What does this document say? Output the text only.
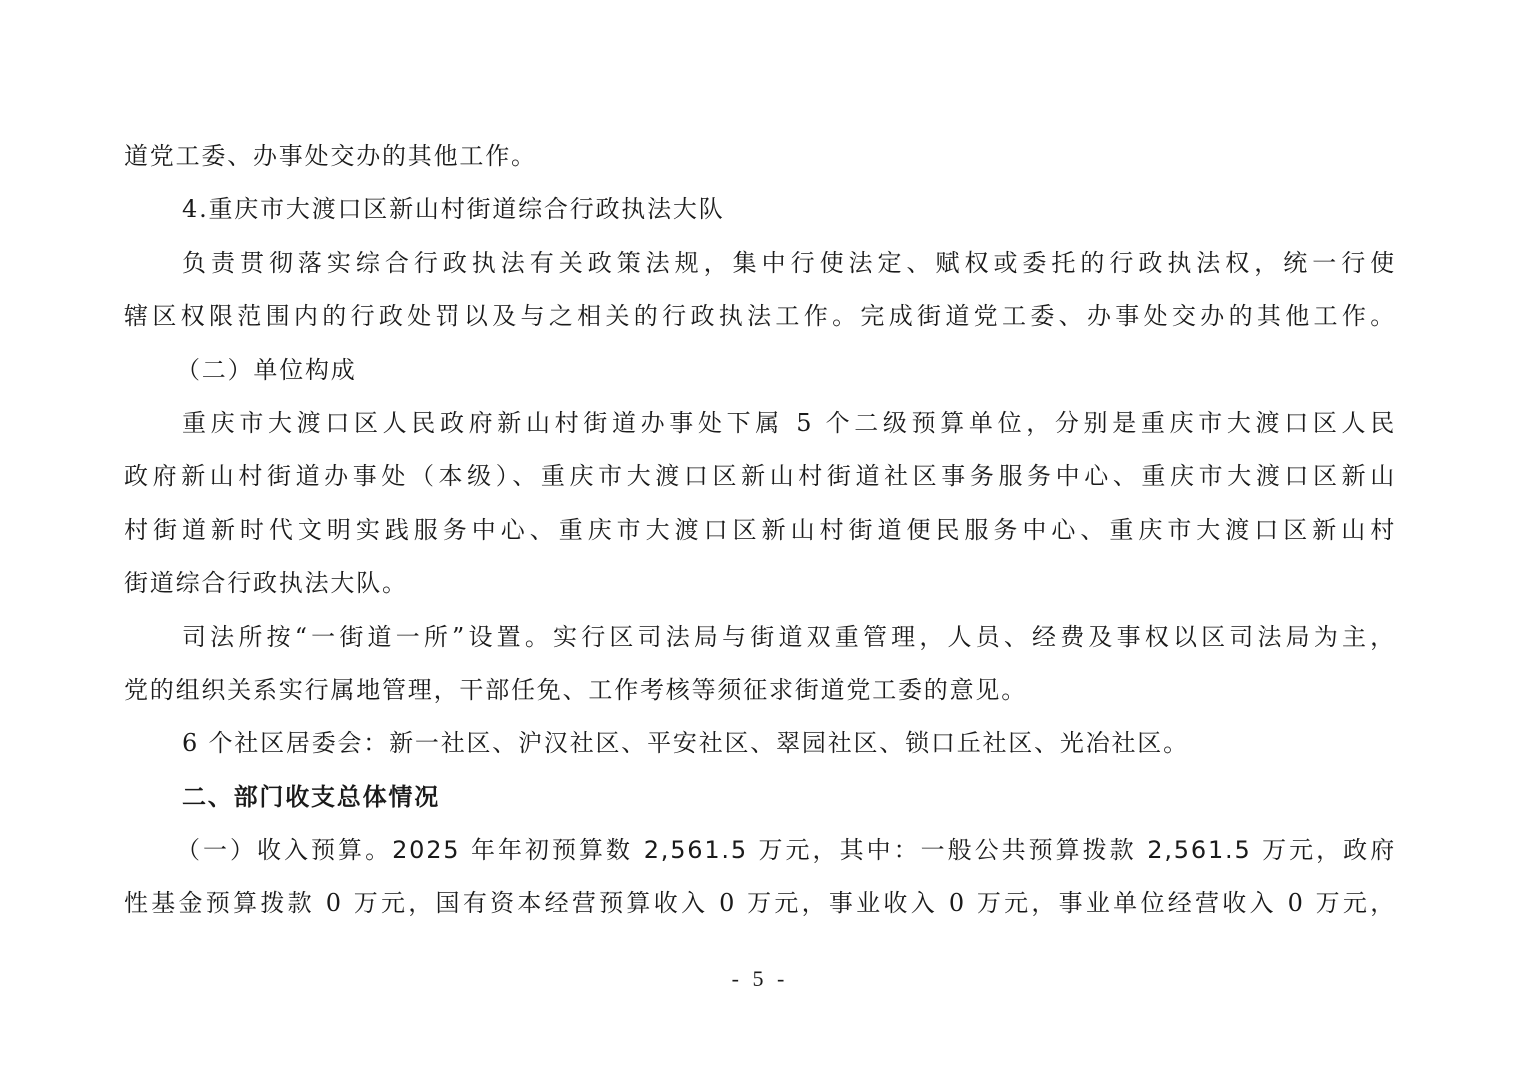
道党工委、办事处交办的其他工作。
4.重庆市大渡口区新山村街道综合行政执法大队
负责贯彻落实综合行政执法有关政策法规，集中行使法定、赋权或委托的行政执法权，统一行使
辖区权限范围内的行政处罚以及与之相关的行政执法工作。完成街道党工委、办事处交办的其他工作。
（二）单位构成
重庆市大渡口区人民政府新山村街道办事处下属 5 个二级预算单位，分别是重庆市大渡口区人民
政府新山村街道办事处（本级）、重庆市大渡口区新山村街道社区事务服务中心、重庆市大渡口区新山
村街道新时代文明实践服务中心、重庆市大渡口区新山村街道便民服务中心、重庆市大渡口区新山村
街道综合行政执法大队。
司法所按“一街道一所”设置。实行区司法局与街道双重管理，人员、经费及事权以区司法局为主，
党的组织关系实行属地管理，干部任免、工作考核等须征求街道党工委的意见。
6 个社区居委会：新一社区、沪汉社区、平安社区、翠园社区、锁口丘社区、光冶社区。
二、部门收支总体情况
（一）收入预算。2025 年年初预算数 2,561.5 万元，其中：一般公共预算拨款 2,561.5 万元，政府
性基金预算拨款 0 万元，国有资本经营预算收入 0 万元，事业收入 0 万元，事业单位经营收入 0 万元，
- 5 -
